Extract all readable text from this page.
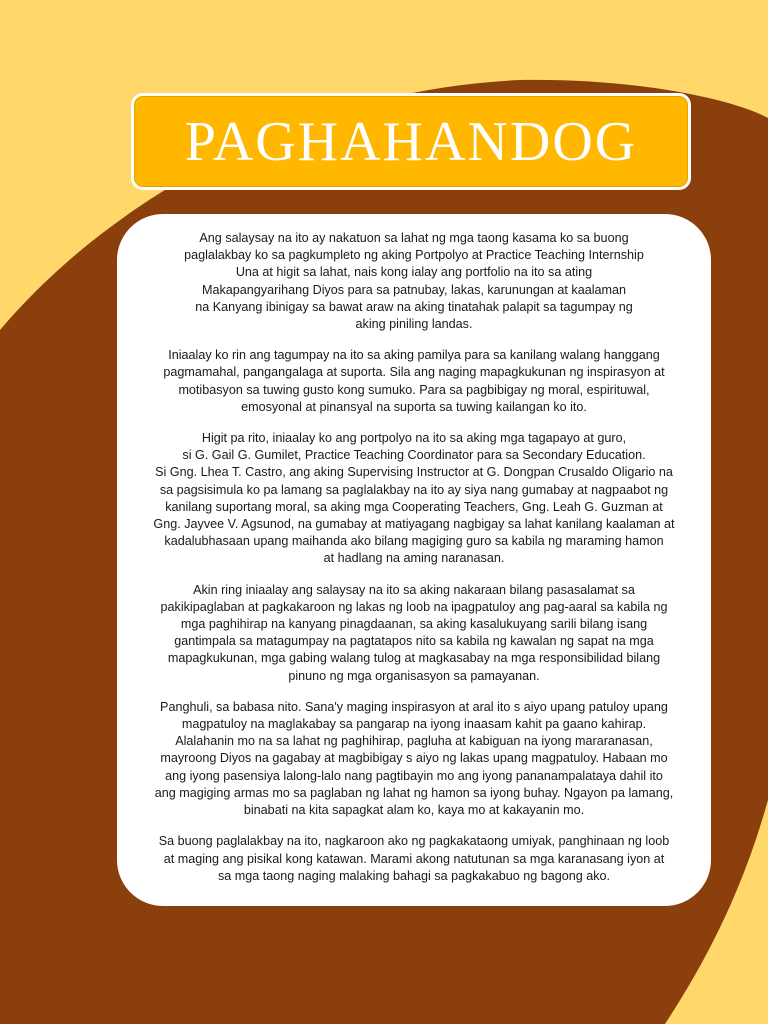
PAGHAHANDOG

Ang salaysay na ito ay nakatuon sa lahat ng mga taong kasama ko sa buong
paglalakbay ko sa pagkumpleto ng aking Portpolyo at Practice Teaching Internship
Una at higit sa lahat, nais kong ialay ang portfolio na ito sa ating
Makapangyarihang Diyos para sa patnubay, lakas, karunungan at kaalaman
na Kanyang ibinigay sa bawat araw na aking tinatahak palapit sa tagumpay ng
aking piniling landas.

Iniaalay ko rin ang tagumpay na ito sa aking pamilya para sa kanilang walang hanggang
pagmamahal, pangangalaga at suporta. Sila ang naging mapagkukunan ng inspirasyon at
motibasyon sa tuwing gusto kong sumuko. Para sa pagbibigay ng moral, espirituwal,
emosyonal at pinansyal na suporta sa tuwing kailangan ko ito.

Higit pa rito, iniaalay ko ang portpolyo na ito sa aking mga tagapayo at guro,
si G. Gail G. Gumilet, Practice Teaching Coordinator para sa Secondary Education.
Si Gng. Lhea T. Castro, ang aking Supervising Instructor at G. Dongpan Crusaldo Oligario na
sa pagsisimula ko pa lamang sa paglalakbay na ito ay siya nang gumabay at nagpaabot ng
kanilang suportang moral, sa aking mga Cooperating Teachers, Gng. Leah G. Guzman at
Gng. Jayvee V. Agsunod, na gumabay at matiyagang nagbigay sa lahat kanilang kaalaman at
kadalubhasaan upang maihanda ako bilang magiging guro sa kabila ng maraming hamon
at hadlang na aming naranasan.

Akin ring iniaalay ang salaysay na ito sa aking nakaraan bilang pasasalamat sa
pakikipaglaban at pagkakaroon ng lakas ng loob na ipagpatuloy ang pag-aaral sa kabila ng
mga paghihirap na kanyang pinagdaanan, sa aking kasalukuyang sarili bilang isang
gantimpala sa matagumpay na pagtatapos nito sa kabila ng kawalan ng sapat na mga
mapagkukunan, mga gabing walang tulog at magkasabay na mga responsibilidad bilang
pinuno ng mga organisasyon sa pamayanan.

Panghuli, sa babasa nito. Sana'y maging inspirasyon at aral ito s aiyo upang patuloy upang
magpatuloy na maglakabay sa pangarap na iyong inaasam kahit pa gaano kahirap.
Alalahanin mo na sa lahat ng paghihirap, pagluha at kabiguan na iyong mararanasan,
mayroong Diyos na gagabay at magbibigay s aiyo ng lakas upang magpatuloy. Habaan mo
ang iyong pasensiya lalong-lalo nang pagtibayin mo ang iyong pananampalataya dahil ito
ang magiging armas mo sa paglaban ng lahat ng hamon sa iyong buhay. Ngayon pa lamang,
binabati na kita sapagkat alam ko, kaya mo at kakayanin mo.

Sa buong paglalakbay na ito, nagkaroon ako ng pagkakataong umiyak, panghinaan ng loob
at maging ang pisikal kong katawan. Marami akong natutunan sa mga karanasang iyon at
sa mga taong naging malaking bahagi sa pagkakabuo ng bagong ako.
